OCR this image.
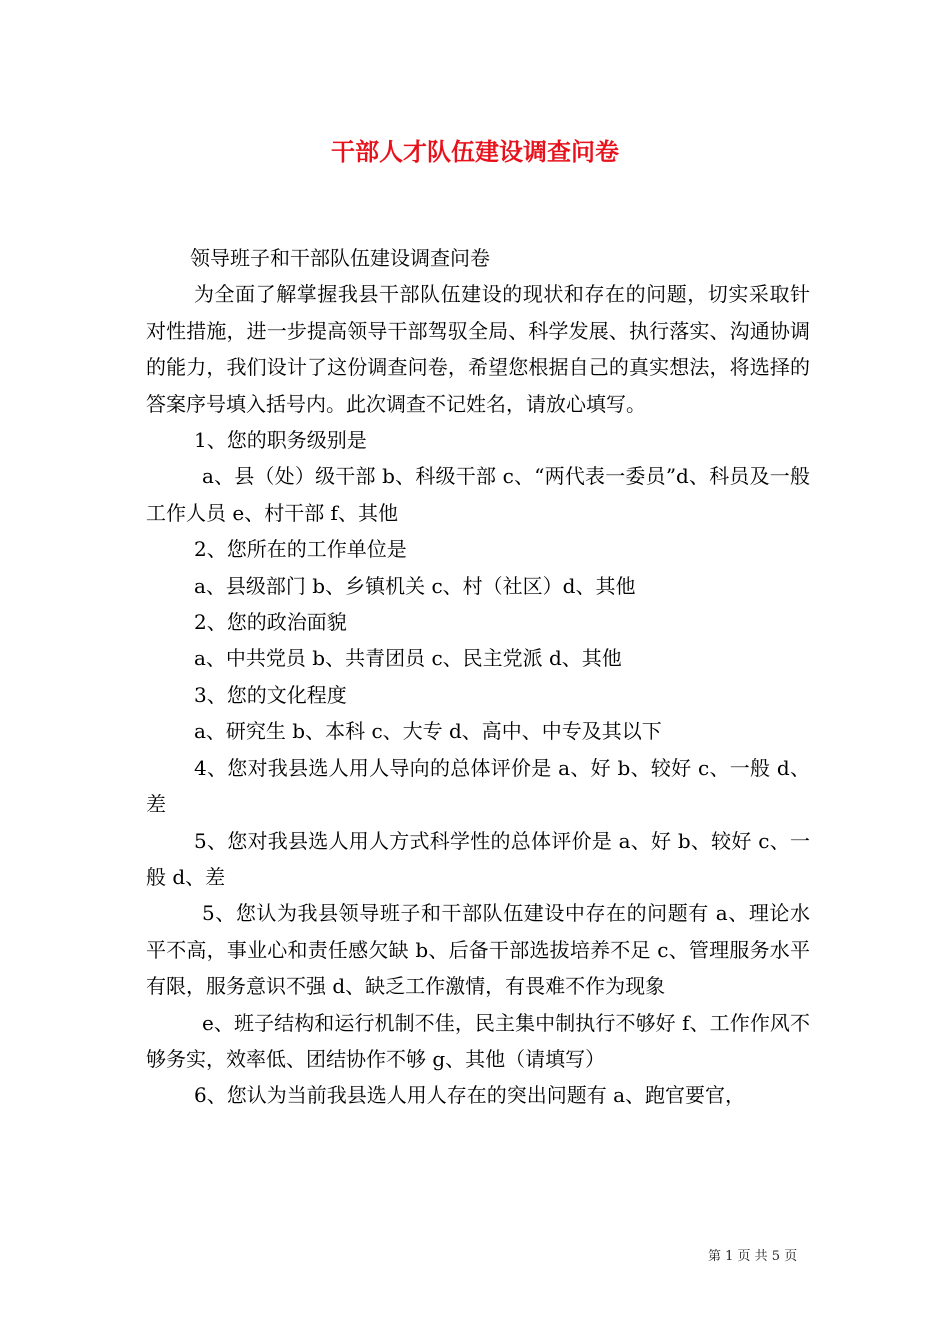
干部人才队伍建设调查问卷

领导班子和干部队伍建设调查问卷

为全面了解掌握我县干部队伍建设的现状和存在的问题，切实采取针对性措施，进一步提高领导干部驾驭全局、科学发展、执行落实、沟通协调的能力，我们设计了这份调查问卷，希望您根据自己的真实想法，将选择的答案序号填入括号内。此次调查不记姓名，请放心填写。

1、您的职务级别是

a、县（处）级干部 b、科级干部 c、“两代表一委员”d、科员及一般工作人员 e、村干部 f、其他

2、您所在的工作单位是

a、县级部门 b、乡镇机关 c、村（社区）d、其他

2、您的政治面貌

a、中共党员 b、共青团员 c、民主党派 d、其他

3、您的文化程度

a、研究生 b、本科 c、大专 d、高中、中专及其以下

4、您对我县选人用人导向的总体评价是 a、好 b、较好 c、一般 d、差

5、您对我县选人用人方式科学性的总体评价是 a、好 b、较好 c、一般 d、差

5、您认为我县领导班子和干部队伍建设中存在的问题有 a、理论水平不高，事业心和责任感欠缺 b、后备干部选拔培养不足 c、管理服务水平有限，服务意识不强 d、缺乏工作激情，有畏难不作为现象

e、班子结构和运行机制不佳，民主集中制执行不够好 f、工作作风不够务实，效率低、团结协作不够 g、其他（请填写）

6、您认为当前我县选人用人存在的突出问题有 a、跑官要官，

第 1 页 共 5 页
